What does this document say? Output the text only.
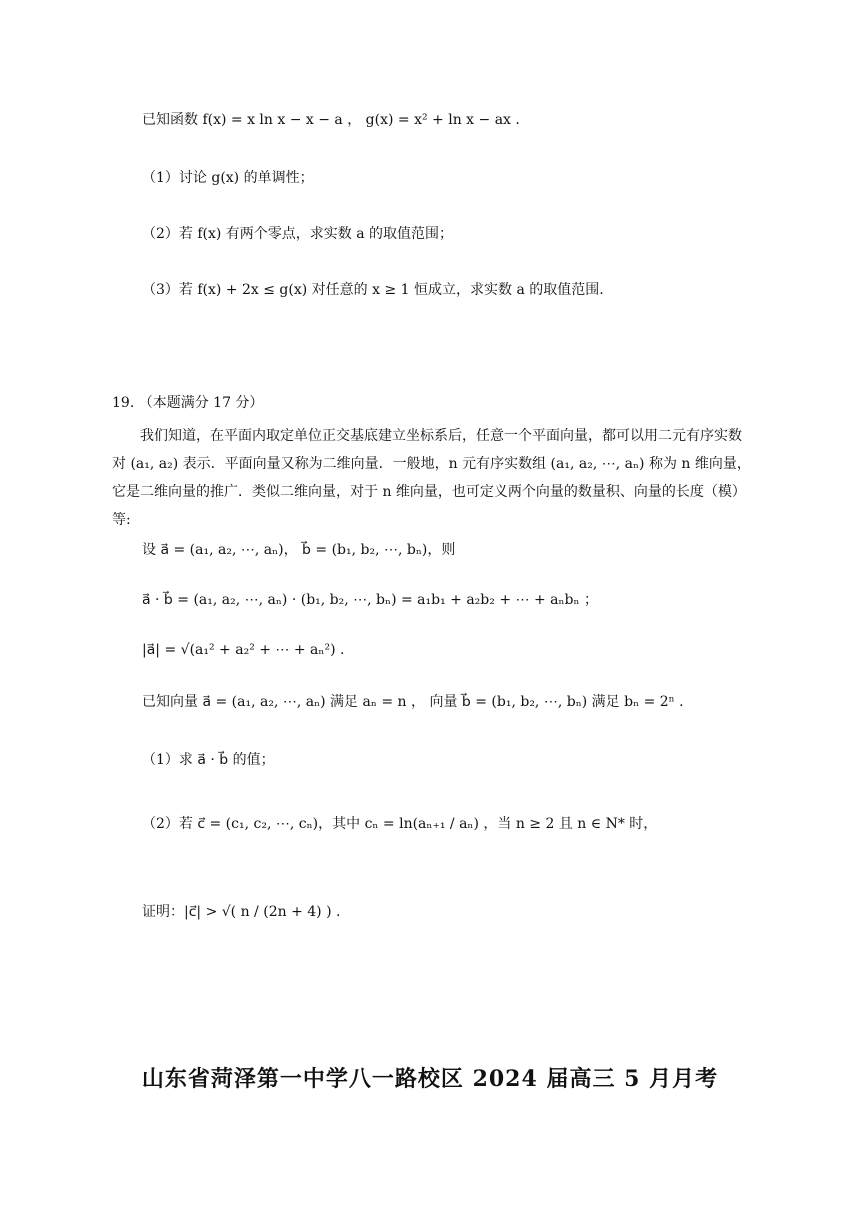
已知函数 f(x) = x ln x − x − a ， g(x) = x² + ln x − ax .
（1）讨论 g(x) 的单调性；
（2）若 f(x) 有两个零点，求实数 a 的取值范围；
（3）若 f(x) + 2x ≤ g(x) 对任意的 x ≥ 1 恒成立，求实数 a 的取值范围.
19. （本题满分 17 分）
我们知道，在平面内取定单位正交基底建立坐标系后，任意一个平面向量，都可以用二元有序实数对 (a₁, a₂) 表示．平面向量又称为二维向量．一般地，n 元有序实数组 (a₁, a₂, ⋯, aₙ) 称为 n 维向量，它是二维向量的推广．类似二维向量，对于 n 维向量，也可定义两个向量的数量积、向量的长度（模）等:
设 a⃗ = (a₁, a₂, ⋯, aₙ)， b⃗ = (b₁, b₂, ⋯, bₙ)，则
a⃗ · b⃗ = (a₁, a₂, ⋯, aₙ) · (b₁, b₂, ⋯, bₙ) = a₁b₁ + a₂b₂ + ⋯ + aₙbₙ ；
|a⃗| = √(a₁² + a₂² + ⋯ + aₙ²) .
已知向量 a⃗ = (a₁, a₂, ⋯, aₙ) 满足 aₙ = n ， 向量 b⃗ = (b₁, b₂, ⋯, bₙ) 满足 bₙ = 2ⁿ .
（1）求 a⃗ · b⃗ 的值；
（2）若 c⃗ = (c₁, c₂, ⋯, cₙ)，其中 cₙ = ln(aₙ₊₁ / aₙ) ，当 n ≥ 2 且 n ∈ N* 时，
证明：|c⃗| > √( n / (2n + 4) ) .
山东省菏泽第一中学八一路校区 2024 届高三 5 月月考
